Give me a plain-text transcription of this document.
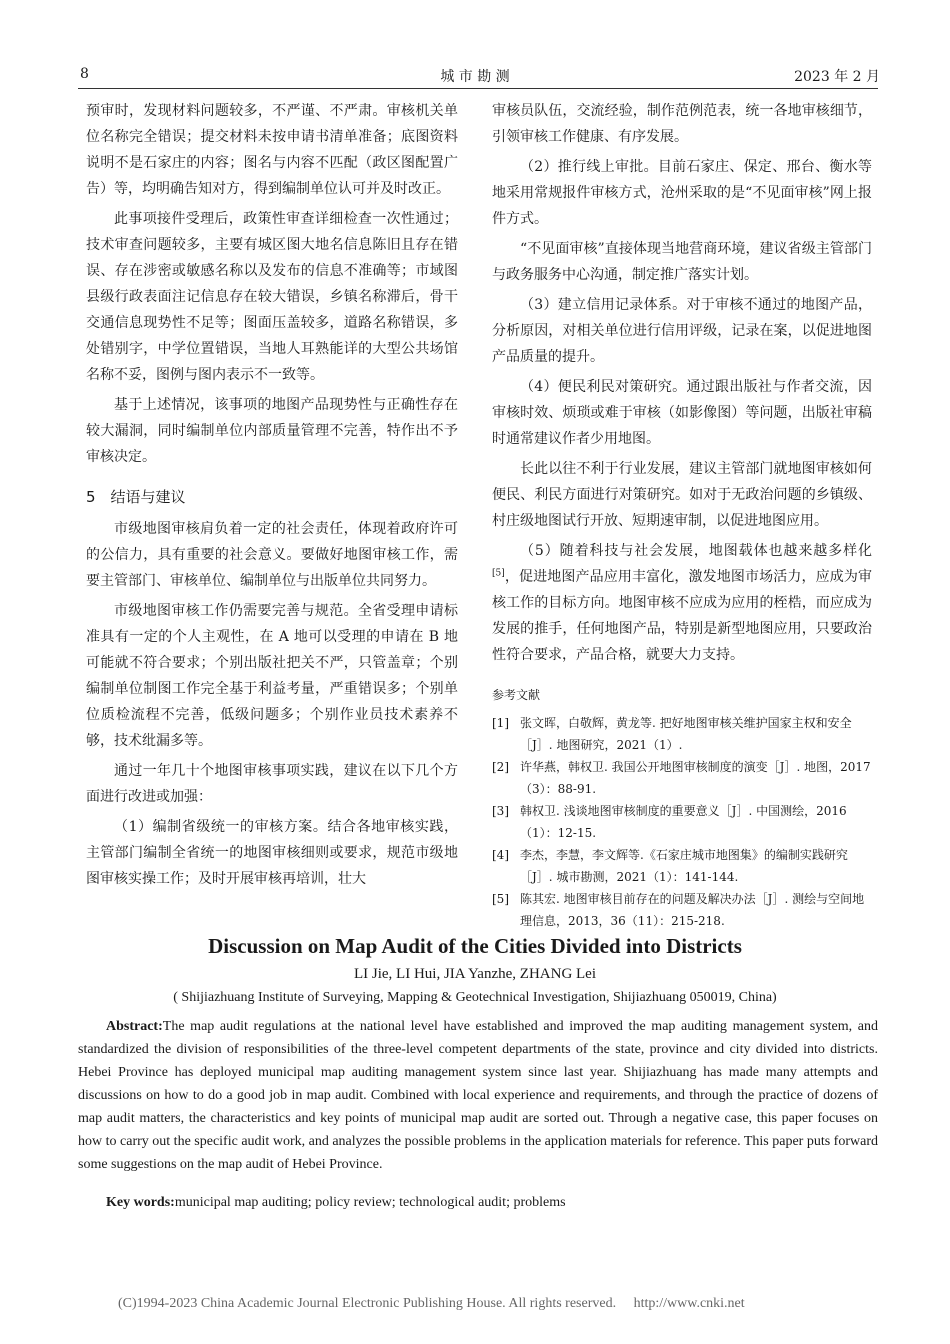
8	城 市 勘 测	2023 年 2 月

预审时，发现材料问题较多，不严谨、不严肃。审核机关单位名称完全错误；提交材料未按申请书清单准备；底图资料说明不是石家庄的内容；图名与内容不匹配（政区图配置广告）等，均明确告知对方，得到编制单位认可并及时改正。

此事项接件受理后，政策性审查详细检查一次性通过；技术审查问题较多，主要有城区图大地名信息陈旧且存在错误、存在涉密或敏感名称以及发布的信息不准确等；市域图县级行政表面注记信息存在较大错误，乡镇名称滞后，骨干交通信息现势性不足等；图面压盖较多，道路名称错误，多处错别字，中学位置错误，当地人耳熟能详的大型公共场馆名称不妥，图例与图内表示不一致等。

基于上述情况，该事项的地图产品现势性与正确性存在较大漏洞，同时编制单位内部质量管理不完善，特作出不予审核决定。

5　结语与建议

市级地图审核肩负着一定的社会责任，体现着政府许可的公信力，具有重要的社会意义。要做好地图审核工作，需要主管部门、审核单位、编制单位与出版单位共同努力。

市级地图审核工作仍需要完善与规范。全省受理申请标准具有一定的个人主观性，在 A 地可以受理的申请在 B 地可能就不符合要求；个别出版社把关不严，只管盖章；个别编制单位制图工作完全基于利益考量，严重错误多；个别单位质检流程不完善，低级问题多；个别作业员技术素养不够，技术纰漏多等。

通过一年几十个地图审核事项实践，建议在以下几个方面进行改进或加强：

（1）编制省级统一的审核方案。结合各地审核实践，主管部门编制全省统一的地图审核细则或要求，规范市级地图审核实操工作；及时开展审核再培训，壮大

审核员队伍，交流经验，制作范例范表，统一各地审核细节，引领审核工作健康、有序发展。

（2）推行线上审批。目前石家庄、保定、邢台、衡水等地采用常规报件审核方式，沧州采取的是“不见面审核”网上报件方式。

“不见面审核”直接体现当地营商环境，建议省级主管部门与政务服务中心沟通，制定推广落实计划。

（3）建立信用记录体系。对于审核不通过的地图产品，分析原因，对相关单位进行信用评级，记录在案，以促进地图产品质量的提升。

（4）便民利民对策研究。通过跟出版社与作者交流，因审核时效、烦琐或难于审核（如影像图）等问题，出版社审稿时通常建议作者少用地图。

长此以往不利于行业发展，建议主管部门就地图审核如何便民、利民方面进行对策研究。如对于无政治问题的乡镇级、村庄级地图试行开放、短期速审制，以促进地图应用。

（5）随着科技与社会发展，地图载体也越来越多样化[5]，促进地图产品应用丰富化，激发地图市场活力，应成为审核工作的目标方向。地图审核不应成为应用的桎梏，而应成为发展的推手，任何地图产品，特别是新型地图应用，只要政治性符合要求，产品合格，就要大力支持。

参考文献
[1] 张文晖，白敬辉，黄龙等. 把好地图审核关维护国家主权和安全［J］. 地图研究，2021（1）.
[2] 许华燕，韩权卫. 我国公开地图审核制度的演变［J］. 地图，2017（3）：88-91.
[3] 韩权卫. 浅谈地图审核制度的重要意义［J］. 中国测绘，2016（1）：12-15.
[4] 李杰，李慧，李文辉等.《石家庄城市地图集》的编制实践研究［J］. 城市勘测，2021（1）：141-144.
[5] 陈其宏. 地图审核目前存在的问题及解决办法［J］. 测绘与空间地理信息，2013，36（11）：215-218.
Discussion on Map Audit of the Cities Divided into Districts
LI Jie, LI Hui, JIA Yanzhe, ZHANG Lei
( Shijiazhuang Institute of Surveying, Mapping & Geotechnical Investigation, Shijiazhuang 050019, China)
Abstract:The map audit regulations at the national level have established and improved the map auditing management system, and standardized the division of responsibilities of the three-level competent departments of the state, province and city divided into districts. Hebei Province has deployed municipal map auditing management system since last year. Shijiazhuang has made many attempts and discussions on how to do a good job in map audit. Combined with local experience and requirements, and through the practice of dozens of map audit matters, the characteristics and key points of municipal map audit are sorted out. Through a negative case, this paper focuses on how to carry out the specific audit work, and analyzes the possible problems in the application materials for reference. This paper puts forward some suggestions on the map audit of Hebei Province.
Key words:municipal map auditing; policy review; technological audit; problems
(C)1994-2023 China Academic Journal Electronic Publishing House. All rights reserved. http://www.cnki.net
